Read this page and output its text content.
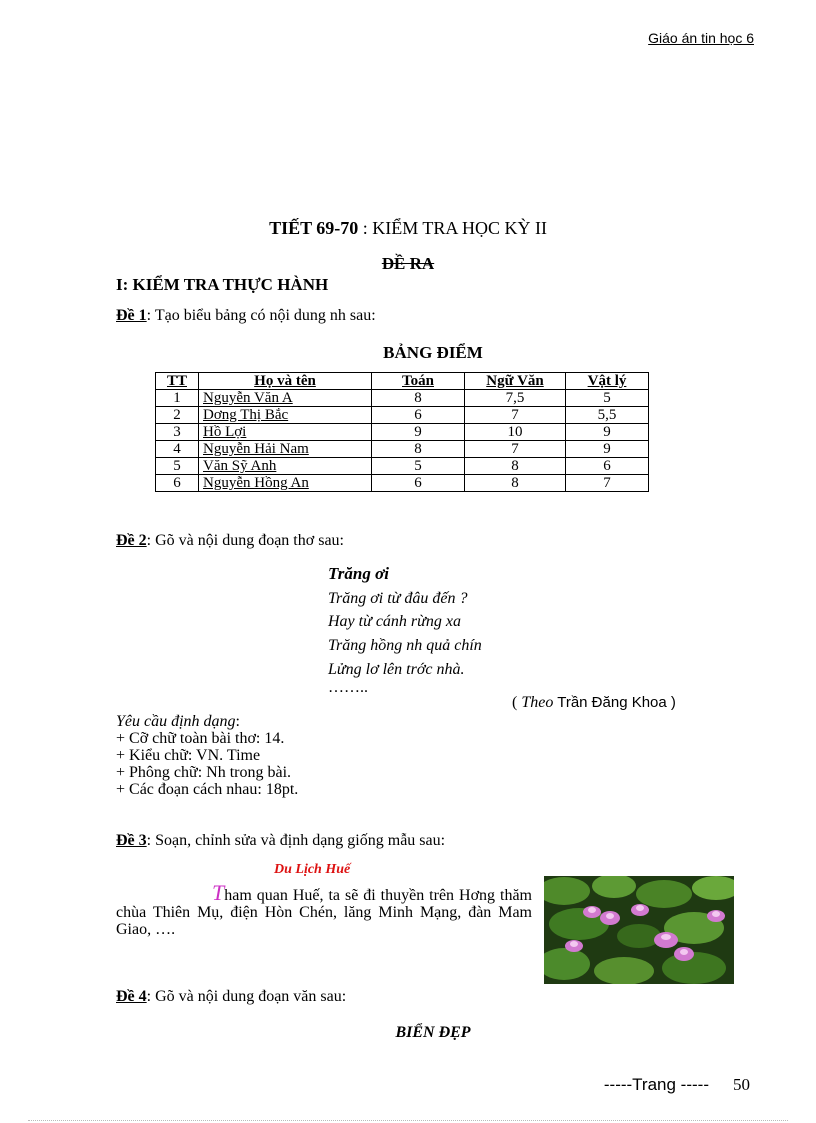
Giáo án tin học 6
TIẾT 69-70 : KIỂM TRA HỌC KỲ II
ĐỀ RA
I: KIỂM TRA THỰC HÀNH
Đề 1: Tạo biểu bảng có nội dung nh sau:
BẢNG ĐIỂM
TT	Họ và tên	Toán	Ngữ Văn	Vật lý
1	Nguyễn Văn A	8	7,5	5
2	Dơng Thị Bắc	6	7	5,5
3	Hồ Lợi	9	10	9
4	Nguyễn Hải Nam	8	7	9
5	Văn Sỹ Anh	5	8	6
6	Nguyễn Hồng An	6	8	7
Đề 2: Gõ và nội dung đoạn thơ sau:
Trăng ơi
Trăng ơi từ đâu đến ?
Hay từ cánh rừng xa
Trăng hồng nh quả chín
Lửng lơ lên trớc nhà.
……..
( Theo Trần Đăng Khoa )
Yêu cầu định dạng:
+ Cỡ chữ toàn bài thơ: 14.
+ Kiểu chữ: VN. Time
+ Phông chữ: Nh trong bài.
+ Các đoạn cách nhau: 18pt.
Đề 3: Soạn, chỉnh sửa và định dạng giống mẫu sau:
Du Lịch Huế
Tham quan Huế, ta sẽ đi thuyền trên Hơng thăm chùa Thiên Mụ, điện Hòn Chén, lăng Minh Mạng, đàn Mam Giao, ….
Đề 4: Gõ và nội dung đoạn văn sau:
BIỂN ĐẸP
-----Trang ----- 50
